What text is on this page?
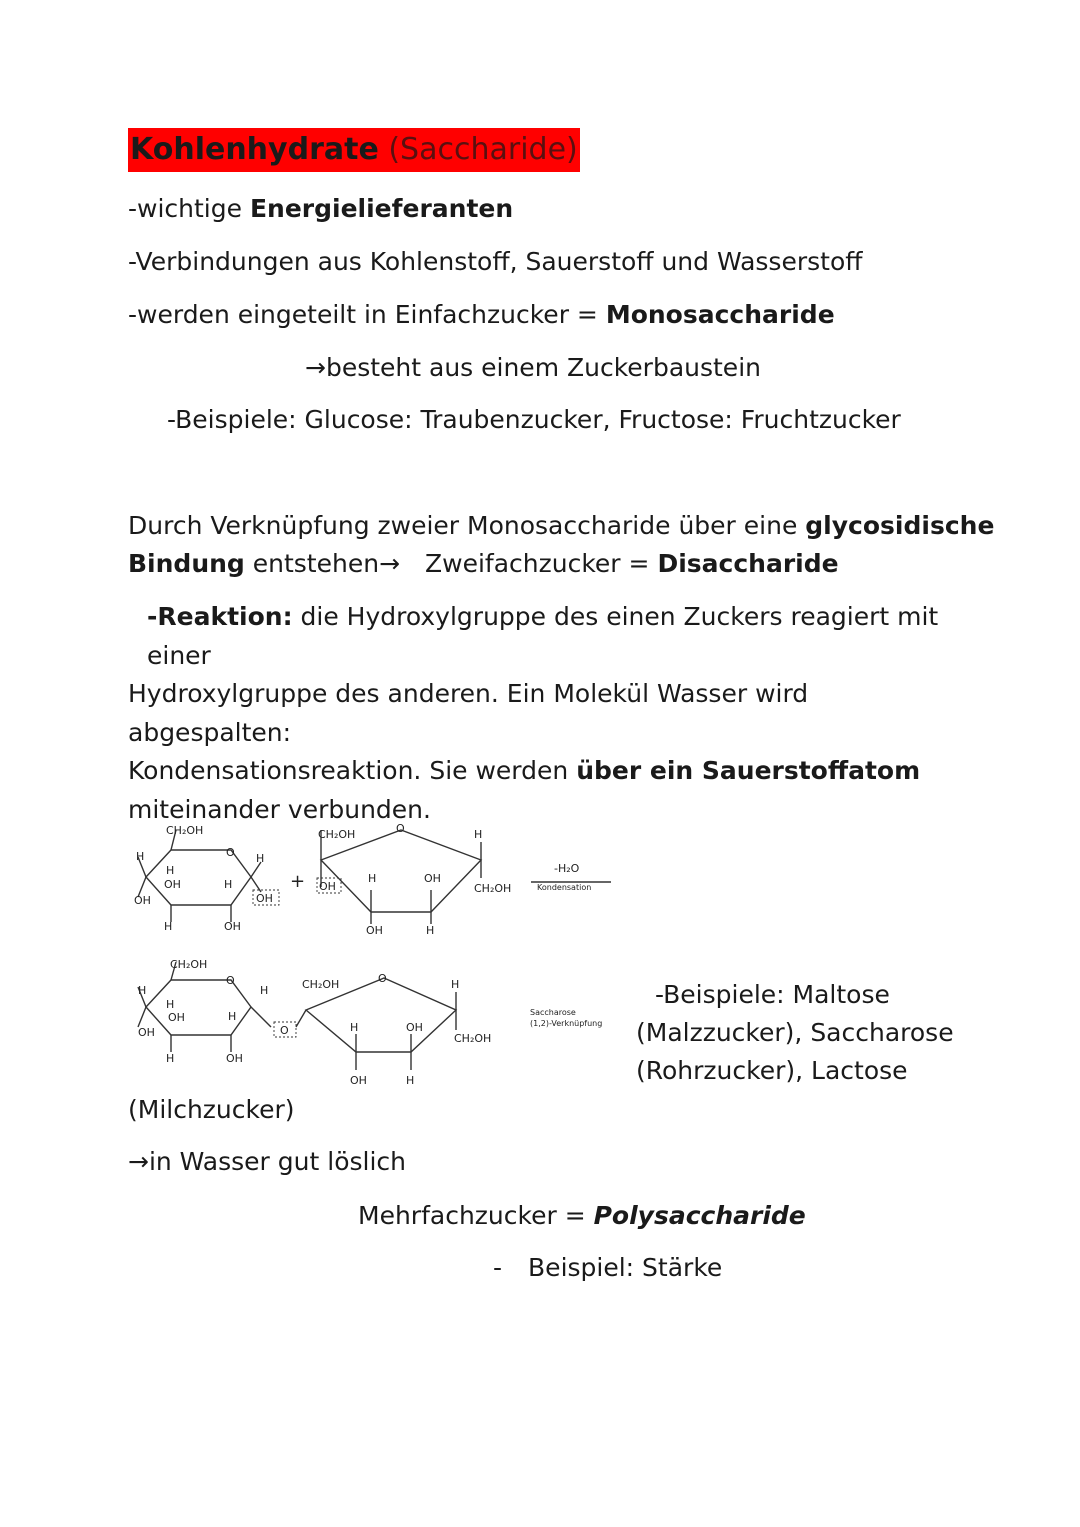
Kohlenhydrate (Saccharide)
-wichtige Energielieferanten
-Verbindungen aus Kohlenstoff, Sauerstoff und Wasserstoff
-werden eingeteilt in Einfachzucker = Monosaccharide
→besteht aus einem Zuckerbaustein
-Beispiele: Glucose: Traubenzucker, Fructose: Fruchtzucker
Durch Verknüpfung zweier Monosaccharide über eine glycosidische
Bindung entstehen→ Zweifachzucker = Disaccharide
-Reaktion: die Hydroxylgruppe des einen Zuckers reagiert mit einer
Hydroxylgruppe des anderen. Ein Molekül Wasser wird abgespalten:
Kondensationsreaktion. Sie werden über ein Sauerstoffatom
miteinander verbunden.
CH₂OH
O
H
H
OH
OH
H
H
OH
H	OH
+
CH₂OH	O
OH
H	OH
H
CH₂OH
OH	H
-H₂O
Kondensation
CH₂OH
O
H
H
OH
OH
H
H
H	OH
O
CH₂OH	O
H	OH
H
CH₂OH
OH	H
Saccharose
(1,2)-Verknüpfung
-Beispiele: Maltose
(Malzzucker), Saccharose
(Rohrzucker), Lactose
(Milchzucker)
→in Wasser gut löslich
Mehrfachzucker = Polysaccharide
- Beispiel: Stärke
